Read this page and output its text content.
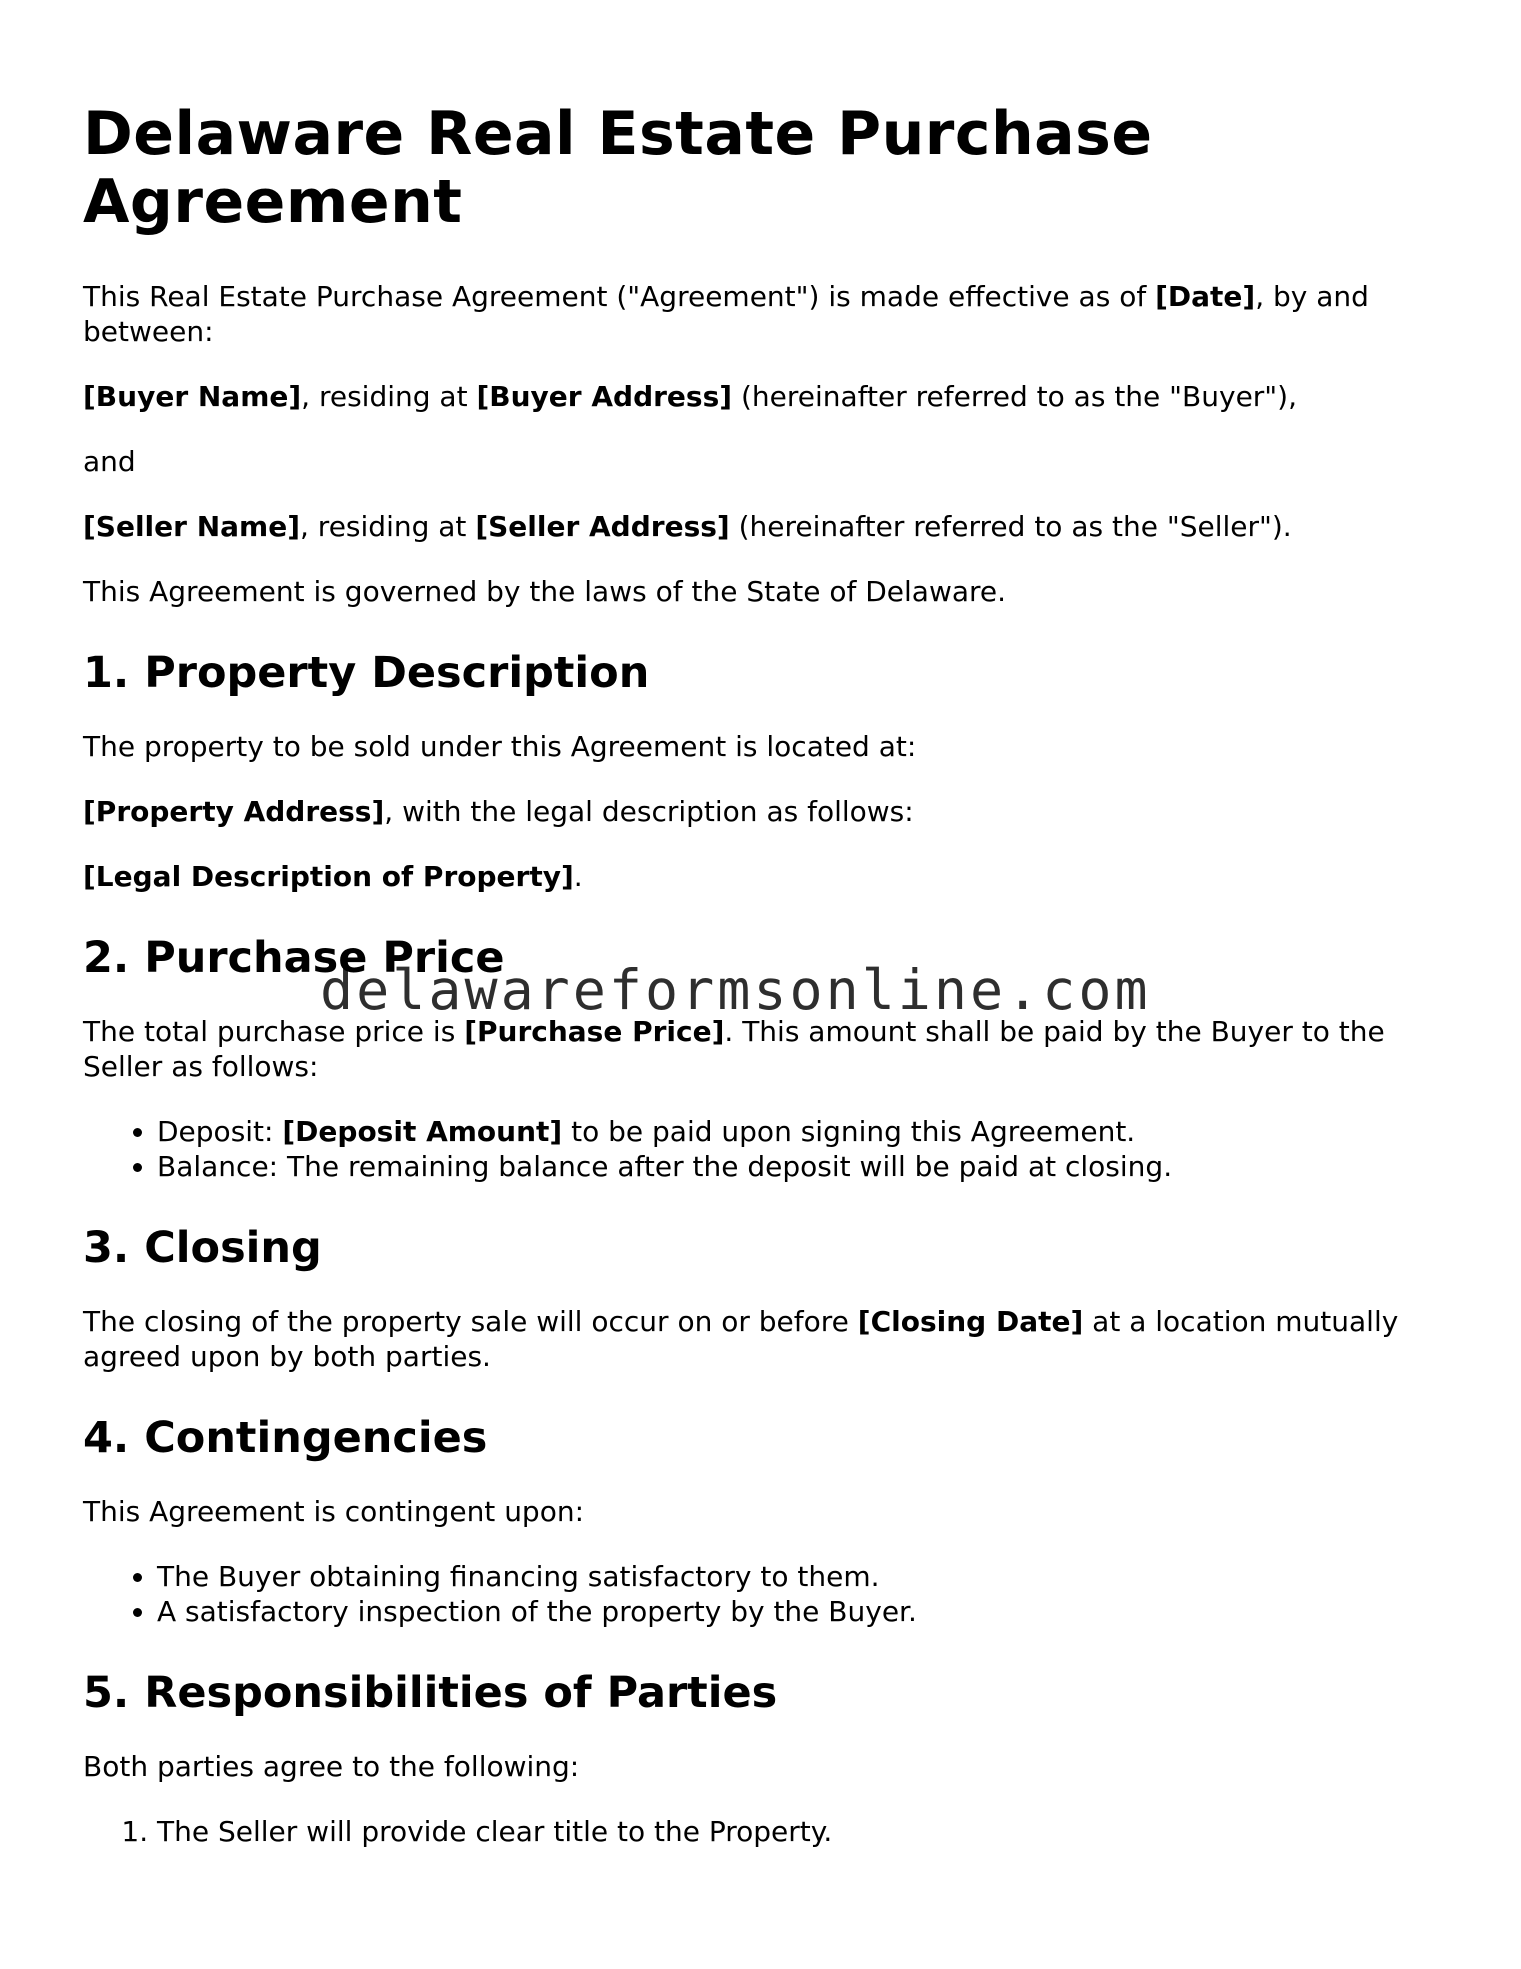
Delaware Real Estate Purchase Agreement

This Real Estate Purchase Agreement ("Agreement") is made effective as of [Date], by and between:

[Buyer Name], residing at [Buyer Address] (hereinafter referred to as the "Buyer"),

and

[Seller Name], residing at [Seller Address] (hereinafter referred to as the "Seller").

This Agreement is governed by the laws of the State of Delaware.

1. Property Description

The property to be sold under this Agreement is located at:

[Property Address], with the legal description as follows:

[Legal Description of Property].

2. Purchase Price

The total purchase price is [Purchase Price]. This amount shall be paid by the Buyer to the Seller as follows:

• Deposit: [Deposit Amount] to be paid upon signing this Agreement.
• Balance: The remaining balance after the deposit will be paid at closing.
3. Closing

The closing of the property sale will occur on or before [Closing Date] at a location mutually agreed upon by both parties.

4. Contingencies

This Agreement is contingent upon:

• The Buyer obtaining financing satisfactory to them.
• A satisfactory inspection of the property by the Buyer.
5. Responsibilities of Parties

Both parties agree to the following:

1. The Seller will provide clear title to the Property.
delawareformsonline.com
